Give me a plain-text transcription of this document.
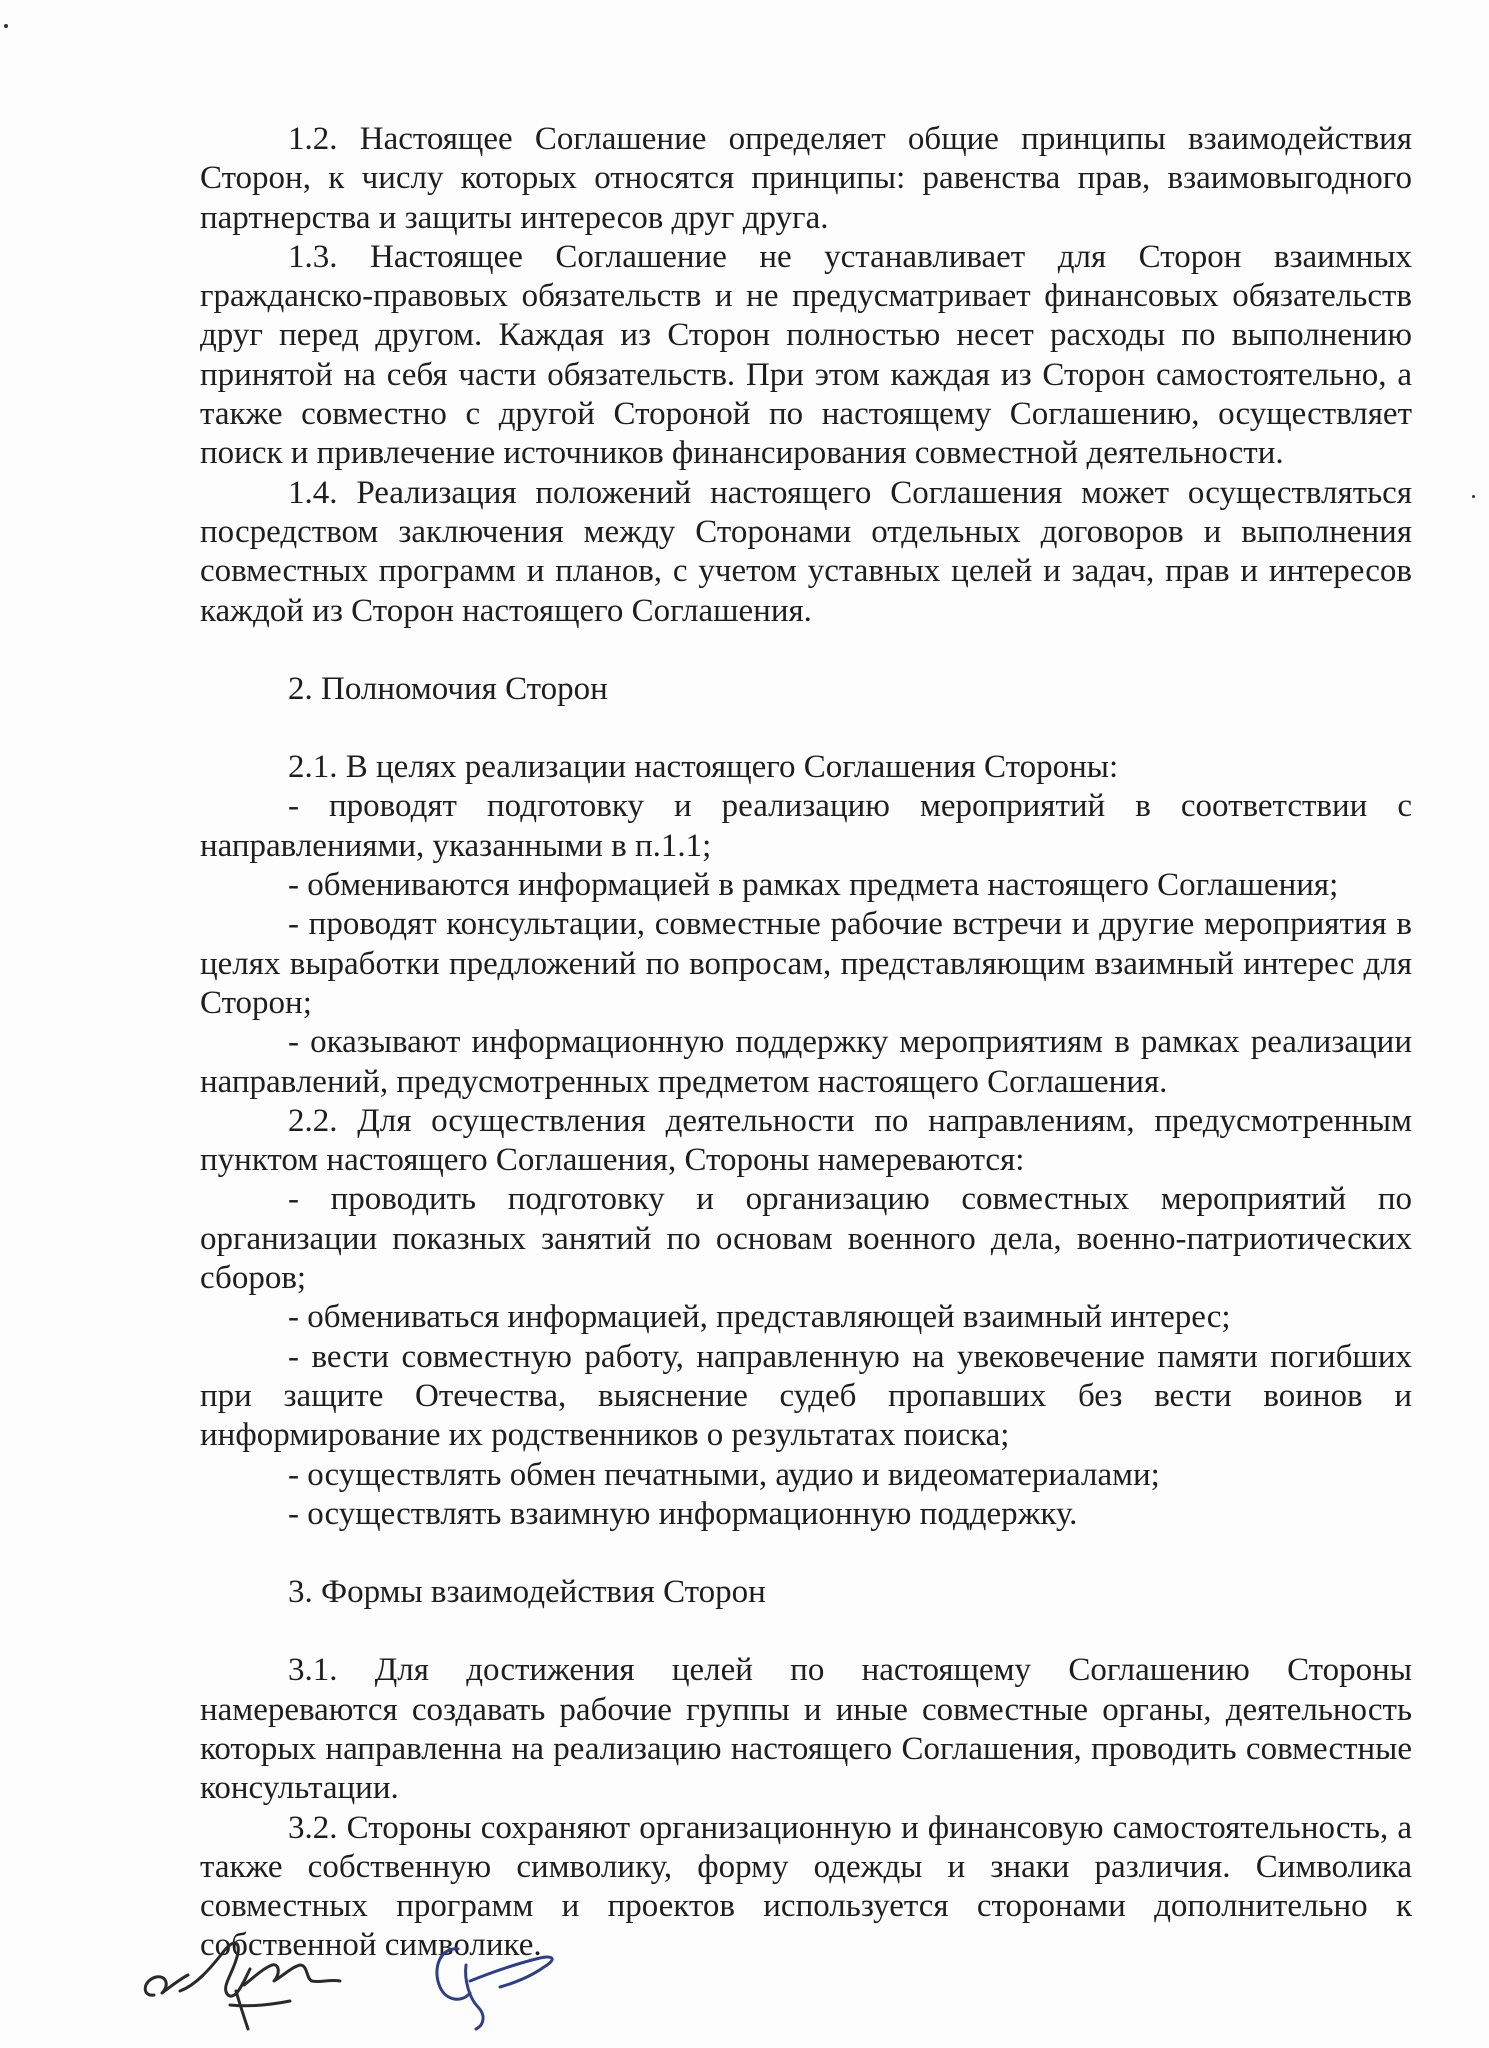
1.2. Настоящее Соглашение определяет общие принципы взаимодействия Сторон, к числу которых относятся принципы: равенства прав, взаимовыгодного партнерства и защиты интересов друг друга.

1.3. Настоящее Соглашение не устанавливает для Сторон взаимных гражданско-правовых обязательств и не предусматривает финансовых обязательств друг перед другом. Каждая из Сторон полностью несет расходы по выполнению принятой на себя части обязательств. При этом каждая из Сторон самостоятельно, а также совместно с другой Стороной по настоящему Соглашению, осуществляет поиск и привлечение источников финансирования совместной деятельности.

1.4. Реализация положений настоящего Соглашения может осуществляться посредством заключения между Сторонами отдельных договоров и выполнения совместных программ и планов, с учетом уставных целей и задач, прав и интересов каждой из Сторон настоящего Соглашения.

2. Полномочия Сторон

2.1. В целях реализации настоящего Соглашения Стороны:

- проводят подготовку и реализацию мероприятий в соответствии с направлениями, указанными в п.1.1;

- обмениваются информацией в рамках предмета настоящего Соглашения;

- проводят консультации, совместные рабочие встречи и другие мероприятия в целях выработки предложений по вопросам, представляющим взаимный интерес для Сторон;

- оказывают информационную поддержку мероприятиям в рамках реализации направлений, предусмотренных предметом настоящего Соглашения.

2.2. Для осуществления деятельности по направлениям, предусмотренным пунктом настоящего Соглашения, Стороны намереваются:

- проводить подготовку и организацию совместных мероприятий по организации показных занятий по основам военного дела, военно-патриотических сборов;

- обмениваться информацией, представляющей взаимный интерес;

- вести совместную работу, направленную на увековечение памяти погибших при защите Отечества, выяснение судеб пропавших без вести воинов и информирование их родственников о результатах поиска;

- осуществлять обмен печатными, аудио и видеоматериалами;

- осуществлять взаимную информационную поддержку.

3. Формы взаимодействия Сторон

3.1. Для достижения целей по настоящему Соглашению Стороны намереваются создавать рабочие группы и иные совместные органы, деятельность которых направленна на реализацию настоящего Соглашения, проводить совместные консультации.

3.2. Стороны сохраняют организационную и финансовую самостоятельность, а также собственную символику, форму одежды и знаки различия. Символика совместных программ и проектов используется сторонами дополнительно к собственной символике.
